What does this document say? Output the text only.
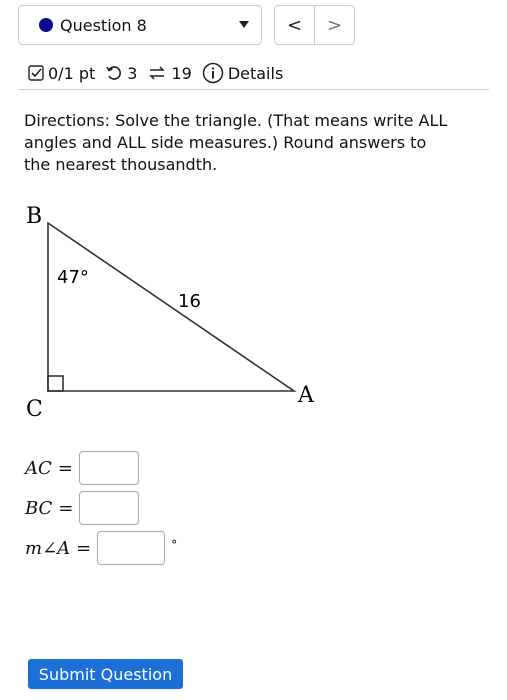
Question 8	<	>
0/1 pt 3 19 Details
Directions: Solve the triangle. (That means write ALL angles and ALL side measures.) Round answers to the nearest thousandth.
B
C
A
47°
16
AC =
BC =
m∠A =	°
Submit Question
